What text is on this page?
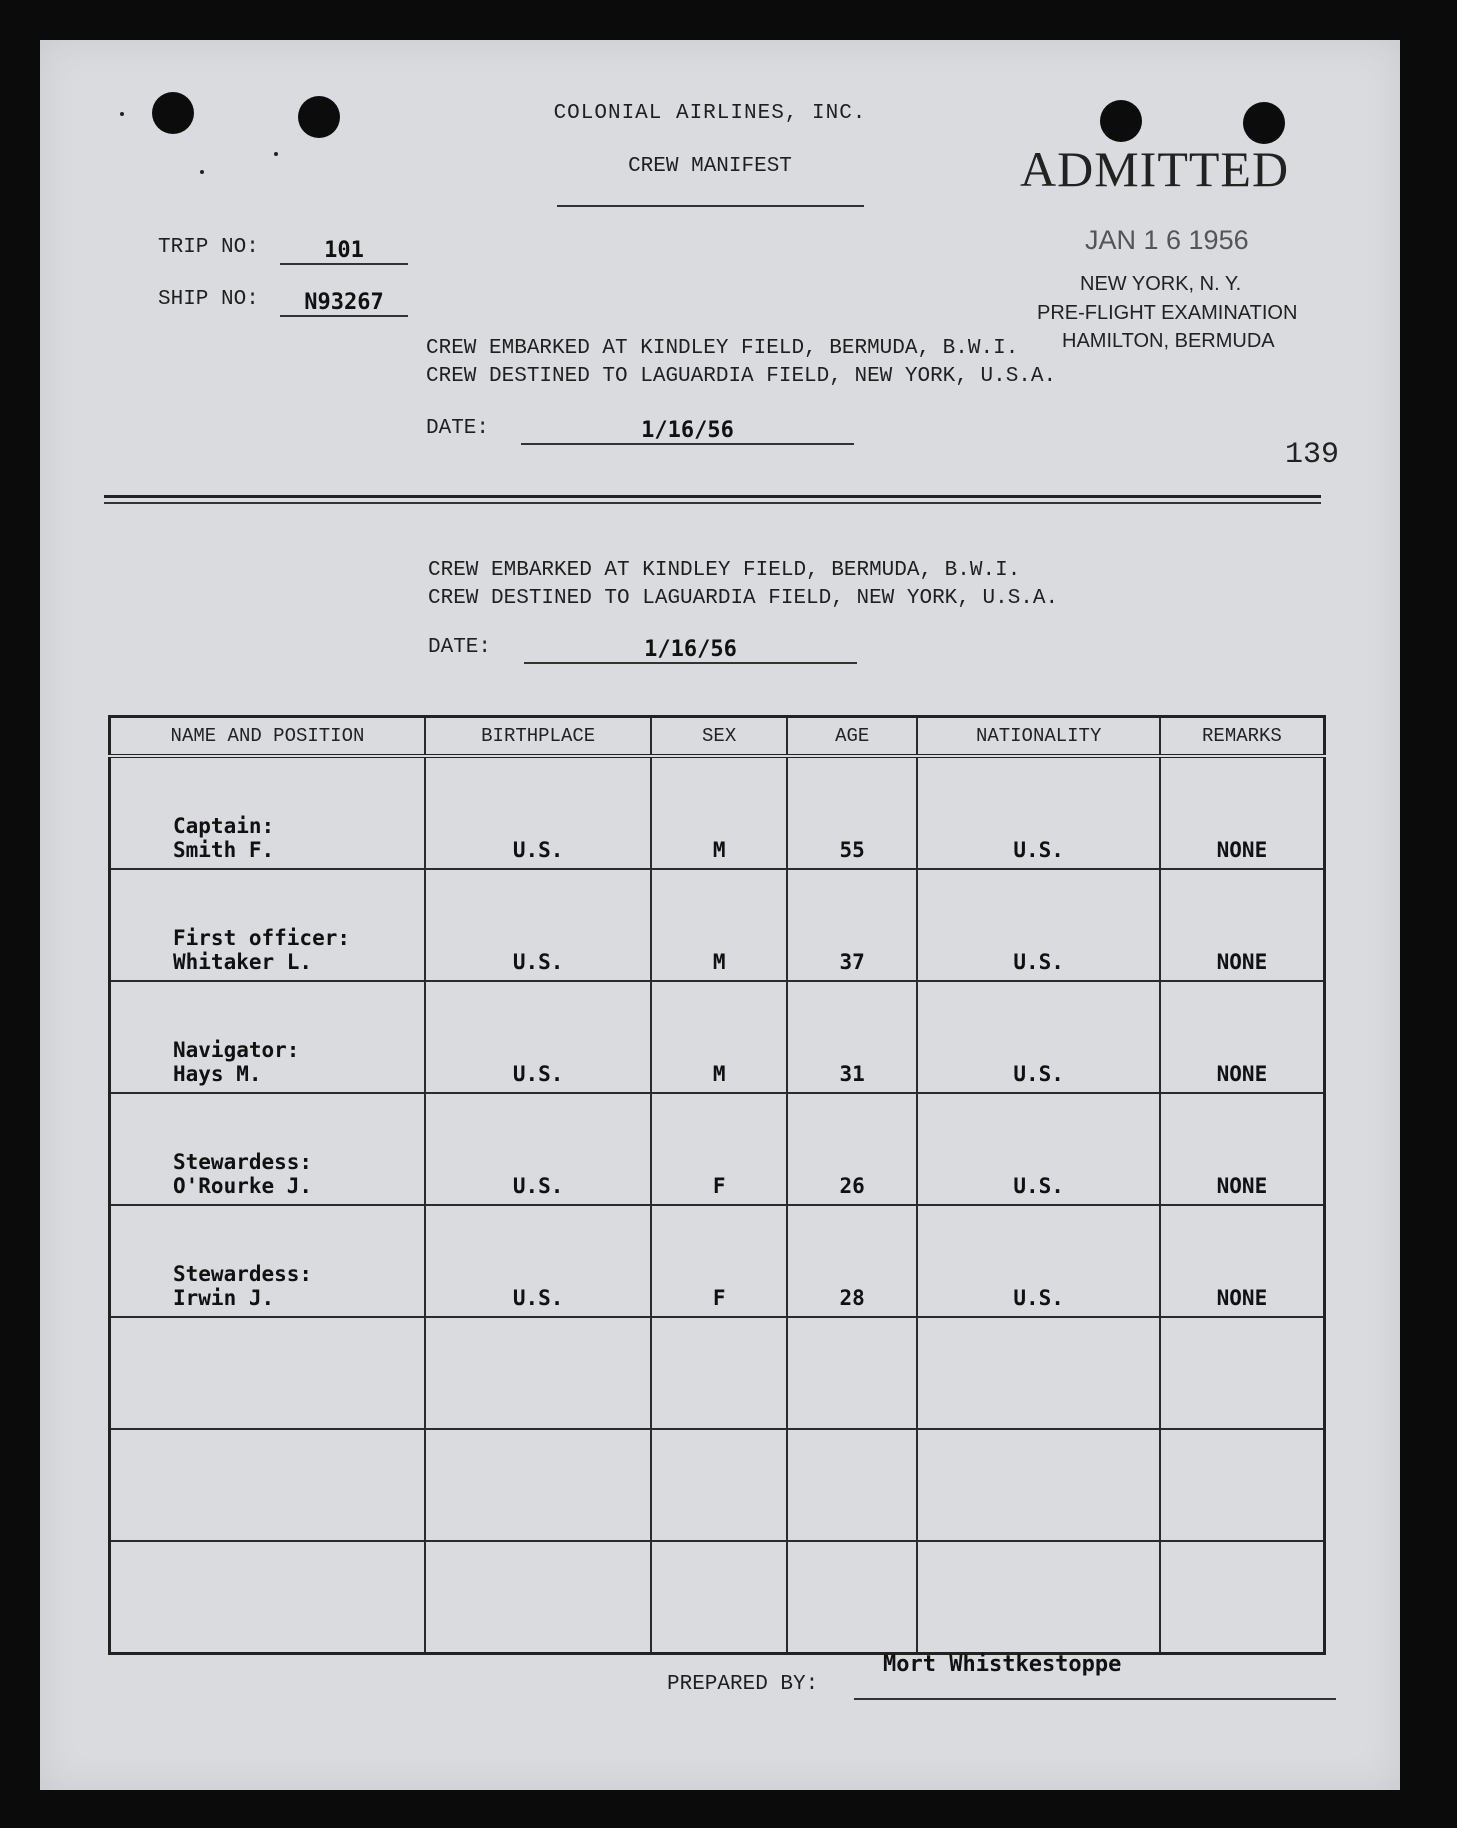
COLONIAL AIRLINES, INC.
CREW MANIFEST	ADMITTED
JAN 1 6 1956
NEW YORK, N. Y.
PRE-FLIGHT EXAMINATION
HAMILTON, BERMUDA
TRIP NO:	101
SHIP NO:	N93267
CREW EMBARKED AT KINDLEY FIELD, BERMUDA, B.W.I.
CREW DESTINED TO LAGUARDIA FIELD, NEW YORK, U.S.A.
DATE:	1/16/56
139
CREW EMBARKED AT KINDLEY FIELD, BERMUDA, B.W.I.
CREW DESTINED TO LAGUARDIA FIELD, NEW YORK, U.S.A.
DATE:	1/16/56
NAME AND POSITION	BIRTHPLACE	SEX	AGE	NATIONALITY	REMARKS

Captain:
Smith F.	U.S.	M	55	U.S.	NONE

First officer:
Whitaker L.	U.S.	M	37	U.S.	NONE

Navigator:
Hays M.	U.S.	M	31	U.S.	NONE

Stewardess:
O'Rourke J.	U.S.	F	26	U.S.	NONE

Stewardess:
Irwin J.	U.S.	F	28	U.S.	NONE

PREPARED BY:
Mort Whistkestoppe
